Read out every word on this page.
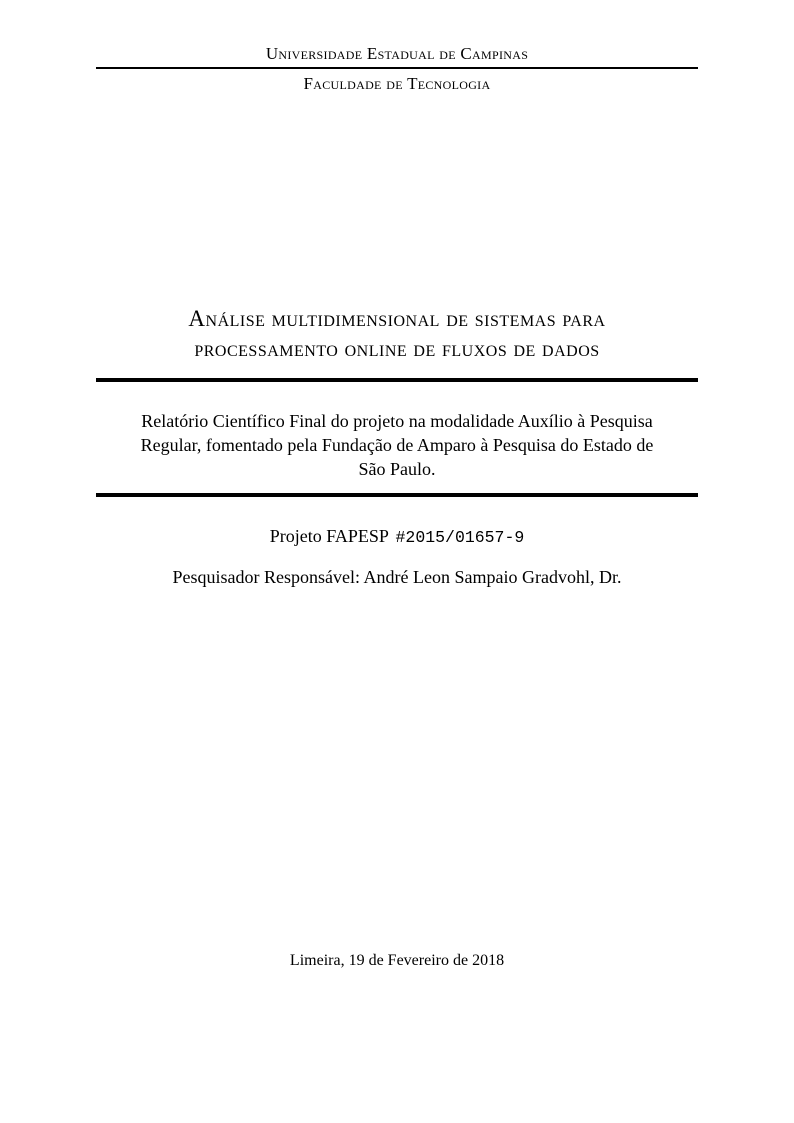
Universidade Estadual de Campinas
Faculdade de Tecnologia
Análise multidimensional de sistemas para
processamento online de fluxos de dados
Relatório Científico Final do projeto na modalidade Auxílio à Pesquisa
Regular, fomentado pela Fundação de Amparo à Pesquisa do Estado de
São Paulo.
Projeto FAPESP #2015/01657-9
Pesquisador Responsável: André Leon Sampaio Gradvohl, Dr.
Limeira, 19 de Fevereiro de 2018
